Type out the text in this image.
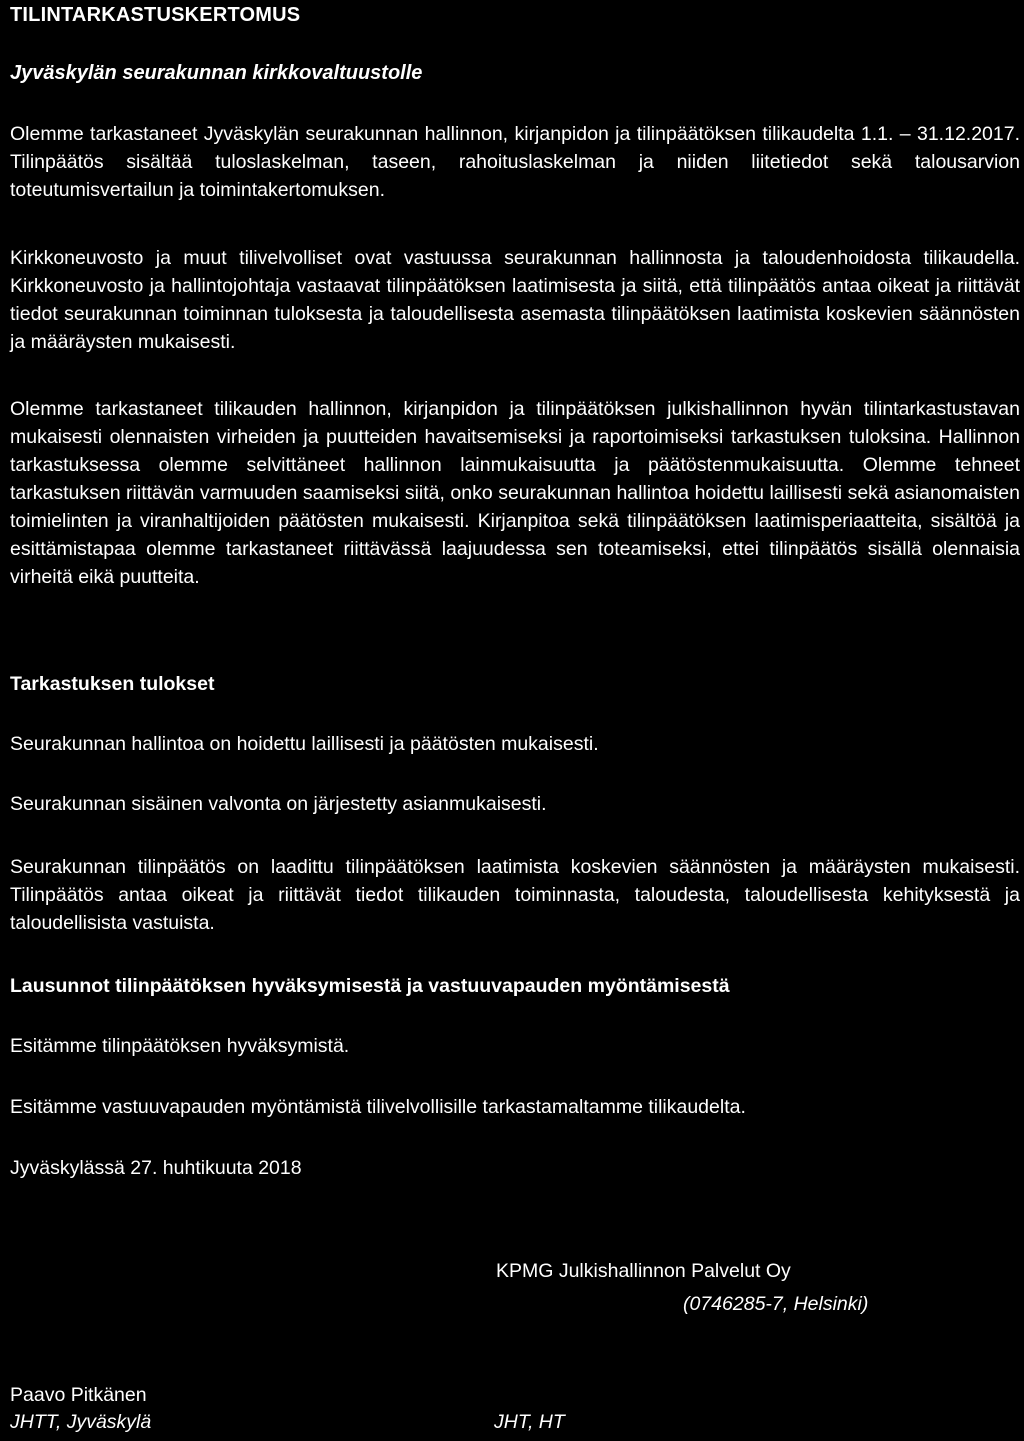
TILINTARKASTUSKERTOMUS
Jyväskylän seurakunnan kirkkovaltuustolle
Olemme tarkastaneet Jyväskylän seurakunnan hallinnon, kirjanpidon ja tilinpäätöksen tilikaudelta 1.1. – 31.12.2017. Tilinpäätös sisältää tuloslaskelman, taseen, rahoituslaskelman ja niiden liitetiedot sekä talousarvion toteutumisvertailun ja toimintakertomuksen.
Kirkkoneuvosto ja muut tilivelvolliset ovat vastuussa seurakunnan hallinnosta ja taloudenhoidosta tilikaudella. Kirkkoneuvosto ja hallintojohtaja vastaavat tilinpäätöksen laatimisesta ja siitä, että tilinpäätös antaa oikeat ja riittävät tiedot seurakunnan toiminnan tuloksesta ja taloudellisesta asemasta tilinpäätöksen laatimista koskevien säännösten ja määräysten mukaisesti.
Olemme tarkastaneet tilikauden hallinnon, kirjanpidon ja tilinpäätöksen julkishallinnon hyvän tilintarkastustavan mukaisesti olennaisten virheiden ja puutteiden havaitsemiseksi ja raportoimiseksi tarkastuksen tuloksina. Hallinnon tarkastuksessa olemme selvittäneet hallinnon lainmukaisuutta ja päätöstenmukaisuutta. Olemme tehneet tarkastuksen riittävän varmuuden saamiseksi siitä, onko seurakunnan hallintoa hoidettu laillisesti sekä asianomaisten toimielinten ja viranhaltijoiden päätösten mukaisesti. Kirjanpitoa sekä tilinpäätöksen laatimisperiaatteita, sisältöä ja esittämistapaa olemme tarkastaneet riittävässä laajuudessa sen toteamiseksi, ettei tilinpäätös sisällä olennaisia virheitä eikä puutteita.
Tarkastuksen tulokset
Seurakunnan hallintoa on hoidettu laillisesti ja päätösten mukaisesti.
Seurakunnan sisäinen valvonta on järjestetty asianmukaisesti.
Seurakunnan tilinpäätös on laadittu tilinpäätöksen laatimista koskevien säännösten ja määräysten mukaisesti. Tilinpäätös antaa oikeat ja riittävät tiedot tilikauden toiminnasta, taloudesta, taloudellisesta kehityksestä ja taloudellisista vastuista.
Lausunnot tilinpäätöksen hyväksymisestä ja vastuuvapauden myöntämisestä
Esitämme tilinpäätöksen hyväksymistä.
Esitämme vastuuvapauden myöntämistä tilivelvollisille tarkastamaltamme tilikaudelta.
Jyväskylässä 27. huhtikuuta 2018
KPMG Julkishallinnon Palvelut Oy
(0746285-7, Helsinki)
Paavo Pitkänen
JHTT, Jyväskylä	JHT, HT
